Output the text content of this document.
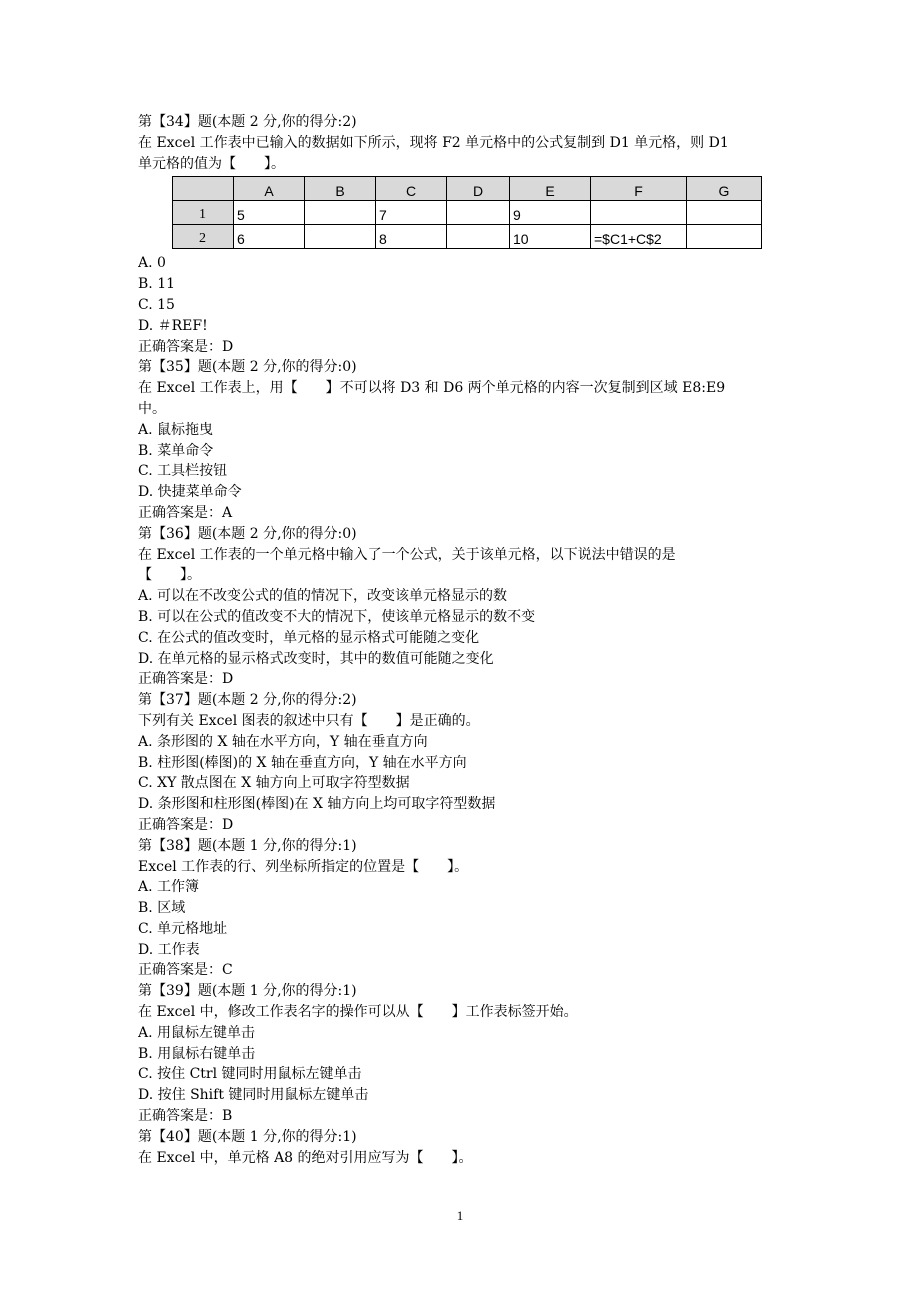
第【34】题(本题 2 分,你的得分:2)
在 Excel 工作表中已输入的数据如下所示，现将 F2 单元格中的公式复制到 D1 单元格，则 D1
单元格的值为【　　】。
	A	B	C	D	E	F	G
1	5		7		9		
2	6		8		10	=$C1+C$2	
A. 0
B. 11
C. 15
D. ＃REF!
正确答案是：D
第【35】题(本题 2 分,你的得分:0)
在 Excel 工作表上，用【　　】不可以将 D3 和 D6 两个单元格的内容一次复制到区域 E8:E9
中。
A. 鼠标拖曳
B. 菜单命令
C. 工具栏按钮
D. 快捷菜单命令
正确答案是：A
第【36】题(本题 2 分,你的得分:0)
在 Excel 工作表的一个单元格中输入了一个公式，关于该单元格，以下说法中错误的是
【　　】。
A. 可以在不改变公式的值的情况下，改变该单元格显示的数
B. 可以在公式的值改变不大的情况下，使该单元格显示的数不变
C. 在公式的值改变时，单元格的显示格式可能随之变化
D. 在单元格的显示格式改变时，其中的数值可能随之变化
正确答案是：D
第【37】题(本题 2 分,你的得分:2)
下列有关 Excel 图表的叙述中只有【　　】是正确的。
A. 条形图的 X 轴在水平方向，Y 轴在垂直方向
B. 柱形图(棒图)的 X 轴在垂直方向，Y 轴在水平方向
C. XY 散点图在 X 轴方向上可取字符型数据
D. 条形图和柱形图(棒图)在 X 轴方向上均可取字符型数据
正确答案是：D
第【38】题(本题 1 分,你的得分:1)
Excel 工作表的行、列坐标所指定的位置是【　　】。
A. 工作簿
B. 区域
C. 单元格地址
D. 工作表
正确答案是：C
第【39】题(本题 1 分,你的得分:1)
在 Excel 中，修改工作表名字的操作可以从【　　】工作表标签开始。
A. 用鼠标左键单击
B. 用鼠标右键单击
C. 按住 Ctrl 键同时用鼠标左键单击
D. 按住 Shift 键同时用鼠标左键单击
正确答案是：B
第【40】题(本题 1 分,你的得分:1)
在 Excel 中，单元格 A8 的绝对引用应写为【　　】。
1
